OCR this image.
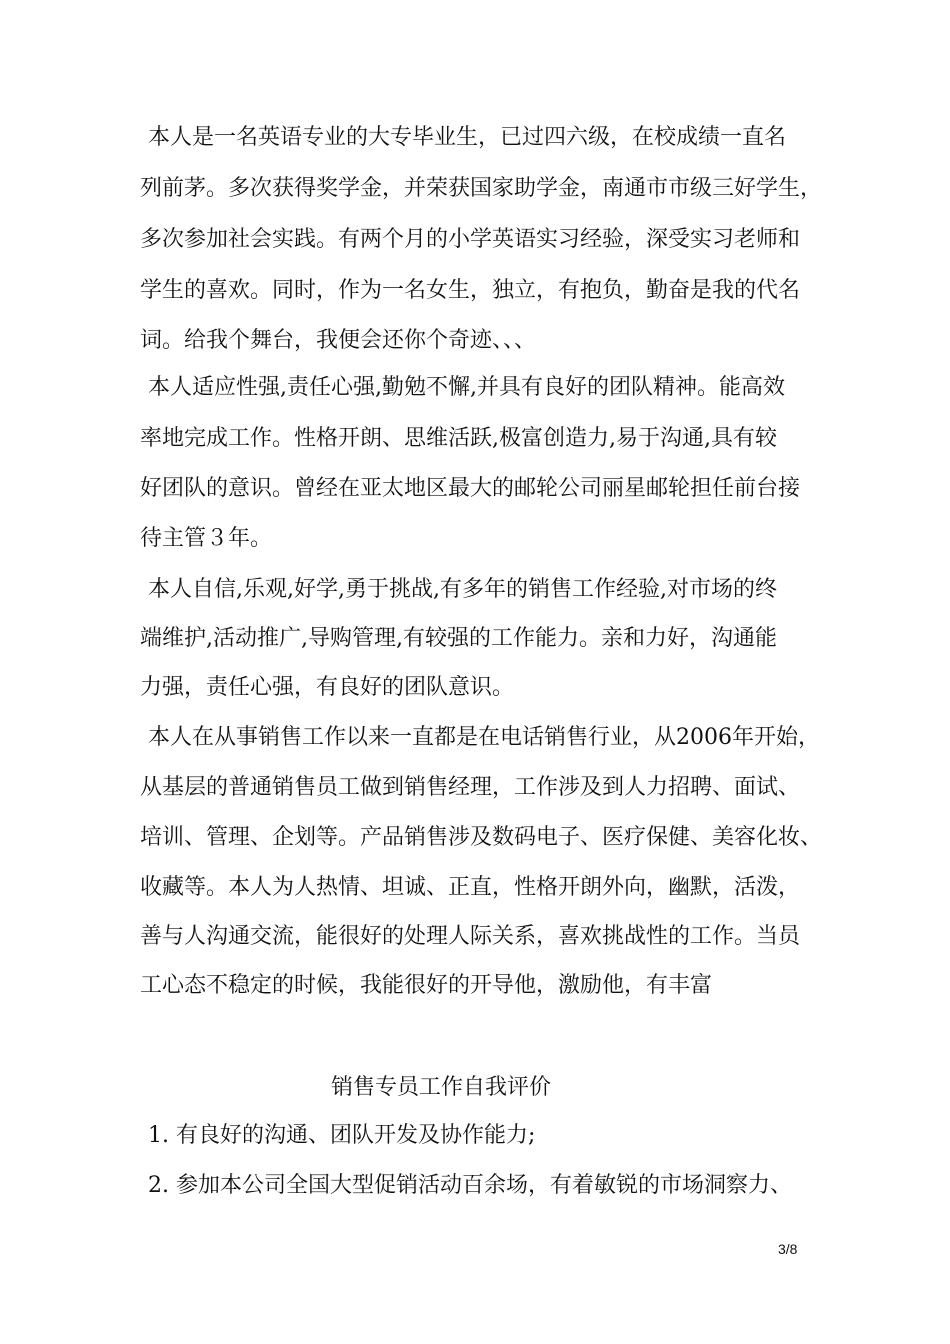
本人是一名英语专业的大专毕业生，已过四六级，在校成绩一直名
列前茅。多次获得奖学金，并荣获国家助学金，南通市市级三好学生，
多次参加社会实践。有两个月的小学英语实习经验，深受实习老师和
学生的喜欢。同时，作为一名女生，独立，有抱负，勤奋是我的代名
词。给我个舞台，我便会还你个奇迹、、、
本人适应性强,责任心强,勤勉不懈,并具有良好的团队精神。能高效
率地完成工作。性格开朗、思维活跃,极富创造力,易于沟通,具有较
好团队的意识。曾经在亚太地区最大的邮轮公司丽星邮轮担任前台接
待主管３年。
本人自信,乐观,好学,勇于挑战,有多年的销售工作经验,对市场的终
端维护,活动推广,导购管理,有较强的工作能力。亲和力好，沟通能
力强，责任心强，有良好的团队意识。
本人在从事销售工作以来一直都是在电话销售行业，从2006年开始，
从基层的普通销售员工做到销售经理，工作涉及到人力招聘、面试、
培训、管理、企划等。产品销售涉及数码电子、医疗保健、美容化妆、
收藏等。本人为人热情、坦诚、正直，性格开朗外向，幽默，活泼，
善与人沟通交流，能很好的处理人际关系，喜欢挑战性的工作。当员
工心态不稳定的时候，我能很好的开导他，激励他，有丰富
销售专员工作自我评价
1. 有良好的沟通、团队开发及协作能力;
2. 参加本公司全国大型促销活动百余场，有着敏锐的市场洞察力、
3/8
